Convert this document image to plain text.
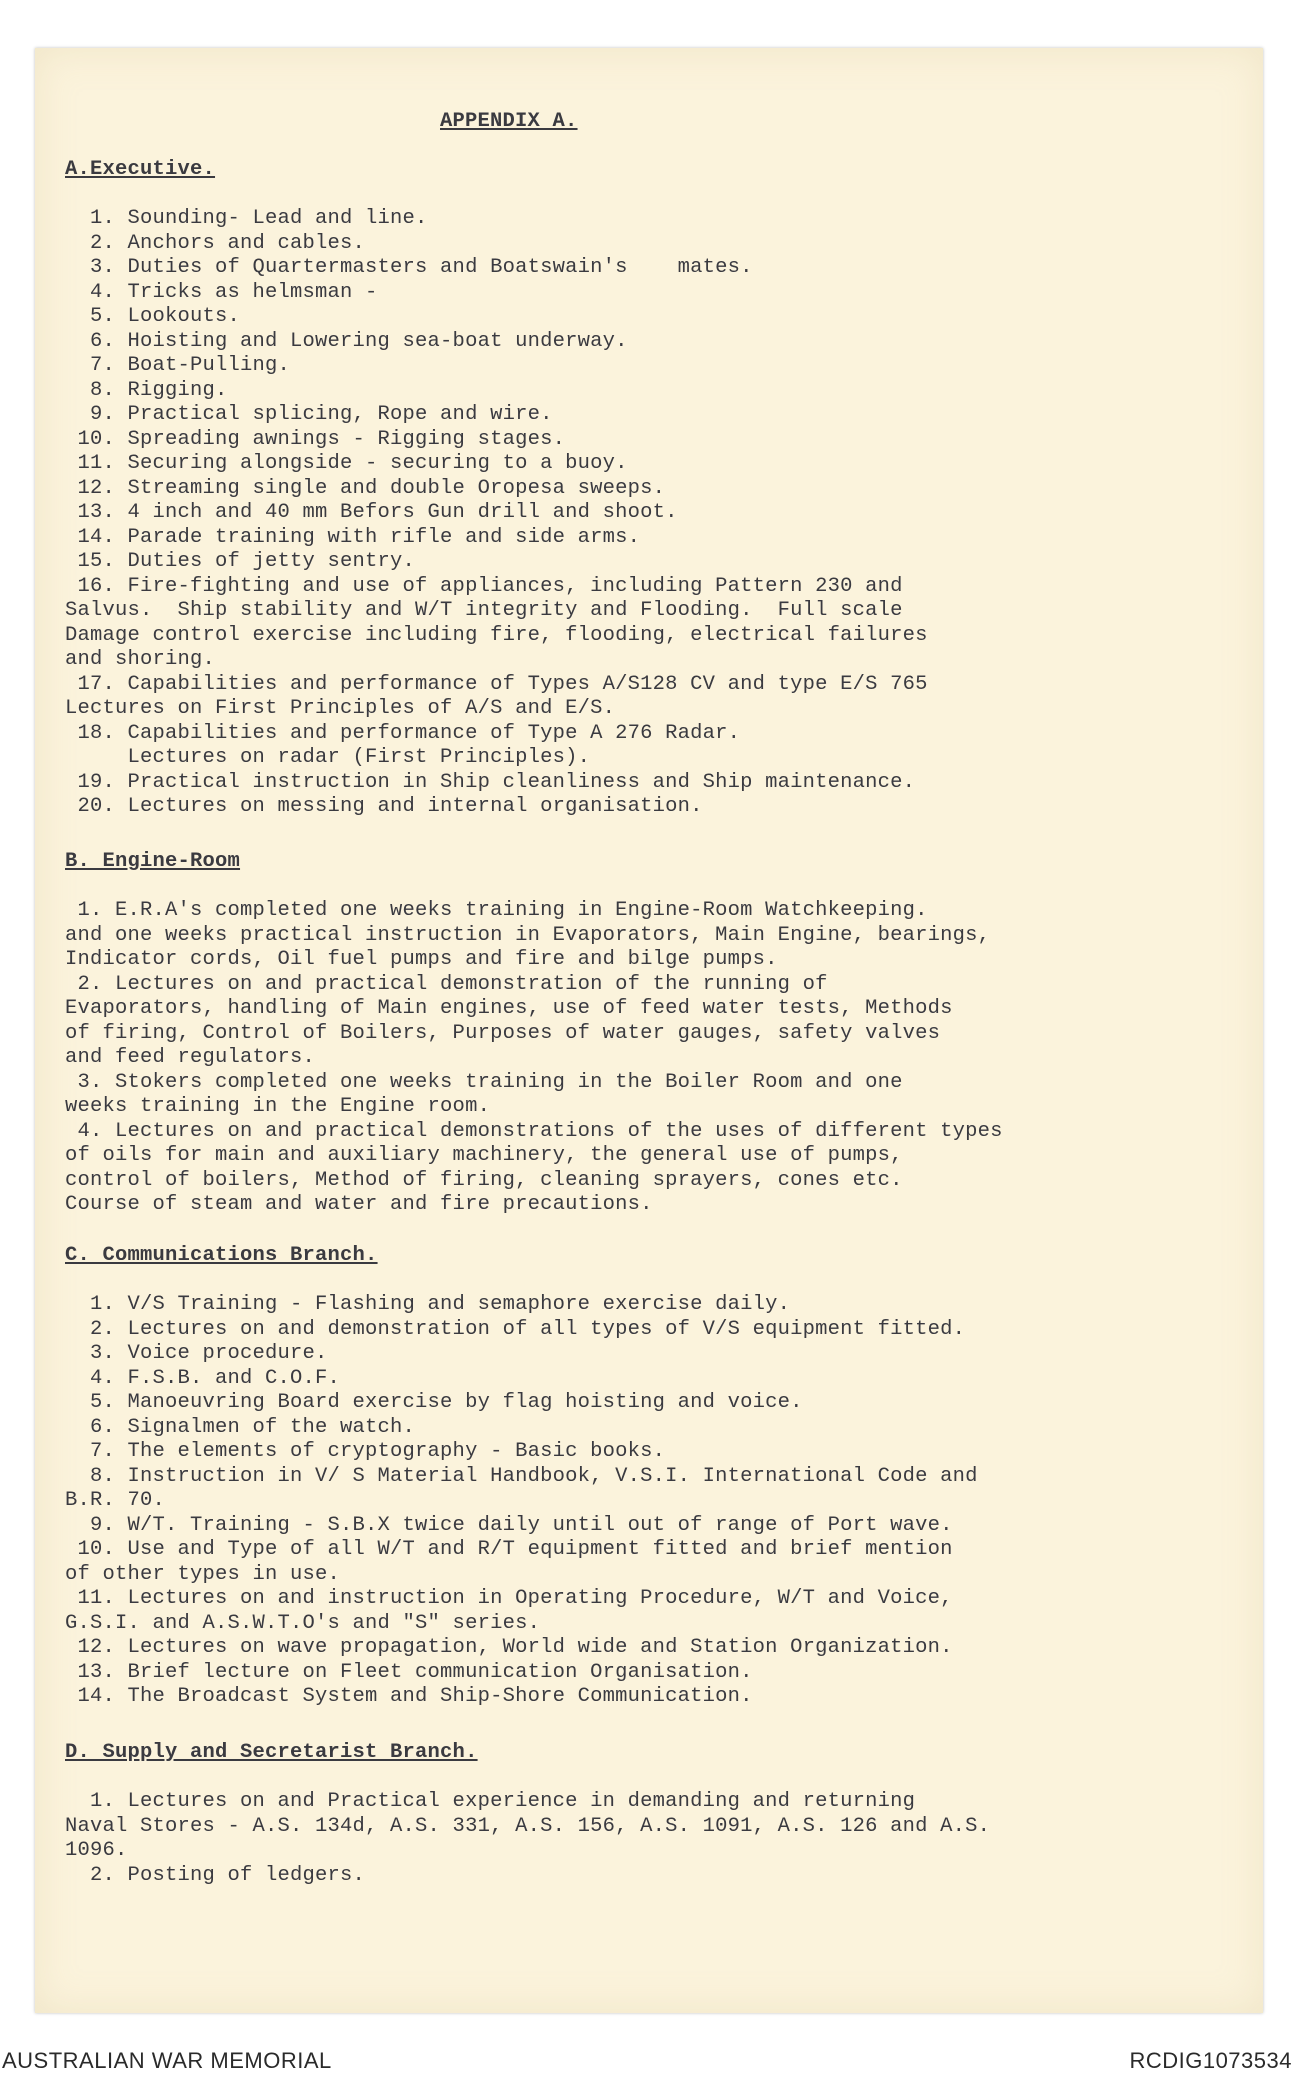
APPENDIX A.
A.Executive.
1. Sounding- Lead and line.
2. Anchors and cables.
3. Duties of Quartermasters and Boatswain's    mates.
4. Tricks as helmsman -
5. Lookouts.
6. Hoisting and Lowering sea-boat underway.
7. Boat-Pulling.
8. Rigging.
9. Practical splicing, Rope and wire.
10. Spreading awnings - Rigging stages.
11. Securing alongside - securing to a buoy.
12. Streaming single and double Oropesa sweeps.
13. 4 inch and 40 mm Befors Gun drill and shoot.
14. Parade training with rifle and side arms.
15. Duties of jetty sentry.
16. Fire-fighting and use of appliances, including Pattern 230 and
Salvus.  Ship stability and W/T integrity and Flooding.  Full scale
Damage control exercise including fire, flooding, electrical failures
and shoring.
17. Capabilities and performance of Types A/S128 CV and type E/S 765
Lectures on First Principles of A/S and E/S.
18. Capabilities and performance of Type A 276 Radar.
Lectures on radar (First Principles).
19. Practical instruction in Ship cleanliness and Ship maintenance.
20. Lectures on messing and internal organisation.
B. Engine-Room
1. E.R.A's completed one weeks training in Engine-Room Watchkeeping.
and one weeks practical instruction in Evaporators, Main Engine, bearings,
Indicator cords, Oil fuel pumps and fire and bilge pumps.
2. Lectures on and practical demonstration of the running of
Evaporators, handling of Main engines, use of feed water tests, Methods
of firing, Control of Boilers, Purposes of water gauges, safety valves
and feed regulators.
3. Stokers completed one weeks training in the Boiler Room and one
weeks training in the Engine room.
4. Lectures on and practical demonstrations of the uses of different types
of oils for main and auxiliary machinery, the general use of pumps,
control of boilers, Method of firing, cleaning sprayers, cones etc.
Course of steam and water and fire precautions.
C. Communications Branch.
1. V/S Training - Flashing and semaphore exercise daily.
2. Lectures on and demonstration of all types of V/S equipment fitted.
3. Voice procedure.
4. F.S.B. and C.O.F.
5. Manoeuvring Board exercise by flag hoisting and voice.
6. Signalmen of the watch.
7. The elements of cryptography - Basic books.
8. Instruction in V/ S Material Handbook, V.S.I. International Code and
B.R. 70.
9. W/T. Training - S.B.X twice daily until out of range of Port wave.
10. Use and Type of all W/T and R/T equipment fitted and brief mention
of other types in use.
11. Lectures on and instruction in Operating Procedure, W/T and Voice,
G.S.I. and A.S.W.T.O's and "S" series.
12. Lectures on wave propagation, World wide and Station Organization.
13. Brief lecture on Fleet communication Organisation.
14. The Broadcast System and Ship-Shore Communication.
D. Supply and Secretarist Branch.
1. Lectures on and Practical experience in demanding and returning
Naval Stores - A.S. 134d, A.S. 331, A.S. 156, A.S. 1091, A.S. 126 and A.S.
1096.
2. Posting of ledgers.
AUSTRALIAN WAR MEMORIAL	RCDIG1073534
